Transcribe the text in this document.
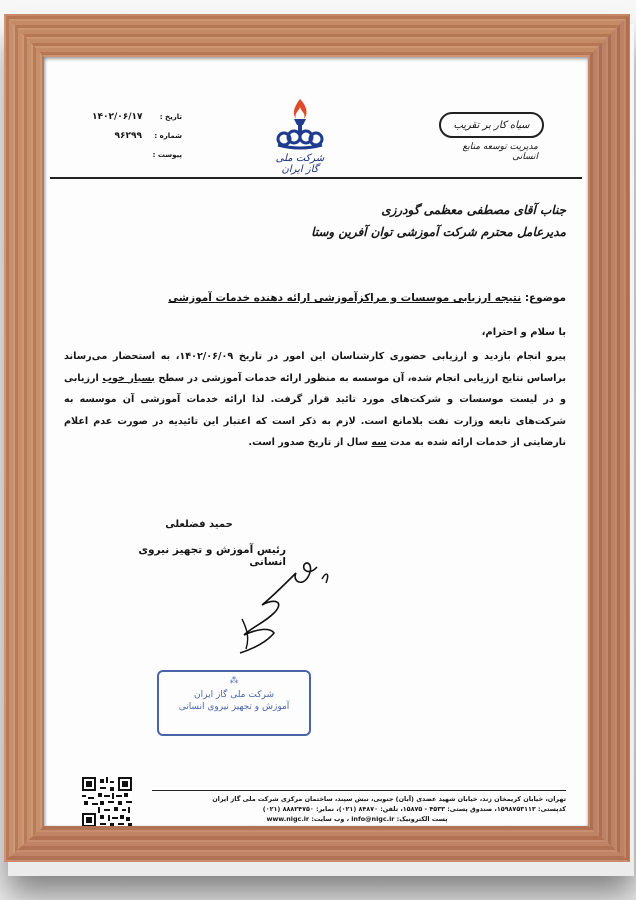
تاریخ :
۱۴۰۲/۰۶/۱۷
شماره :
۹۶۲۹۹
پیوست :	شرکت ملی گاز ایران
سیاه کار بر تقریب
مدیریت توسعه منابع انسانی
جناب آقای مصطفی معظمی گودرزی
مدیرعامل محترم شرکت آموزشی توان آفرین وستا
موضوع: نتیجه ارزیابی موسسات و مراکزآموزشی ارائه دهنده خدمات آموزشی
با سلام و احترام،
پیرو انجام بازدید و ارزیابی حضوری کارشناسان این امور در تاریخ ۱۴۰۲/۰۶/۰۹، به استحضار می‌رساند براساس نتایج ارزیابی انجام شده، آن موسسه به منظور ارائه خدمات آموزشی در سطح بسیار خوب ارزیابی و در لیست موسسات و شرکت‌های مورد تائید قرار گرفت. لذا ارائه خدمات آموزشی آن موسسه به شرکت‌های تابعه وزارت نفت بلامانع است. لازم به ذکر است که اعتبار این تائیدیه در صورت عدم اعلام نارضایتی از خدمات ارائه شده به مدت سه سال از تاریخ صدور است.
حمید فضلعلی
رئیس آموزش و تجهیز نیروی انسانی
⁂
شرکت ملی گاز ایران
آموزش و تجهیز نیروی انسانی
تهران، خیابان کریمخان زند، خیابان شهید عضدی (آبان) جنوبی، نبش سپند، ساختمان مرکزی شرکت ملی گاز ایران
کدپستی: ۱۵۹۸۷۵۳۱۱۳، صندوق پستی: ۴۵۳۳ - ۱۵۸۷۵، تلفن: ۸۴۸۷۰ (۰۲۱)، نمابر: ۸۸۸۲۴۷۵۰ (۰۲۱)
پست الکترونیک: info@nigc.ir ، وب سایت: www.nigc.ir
